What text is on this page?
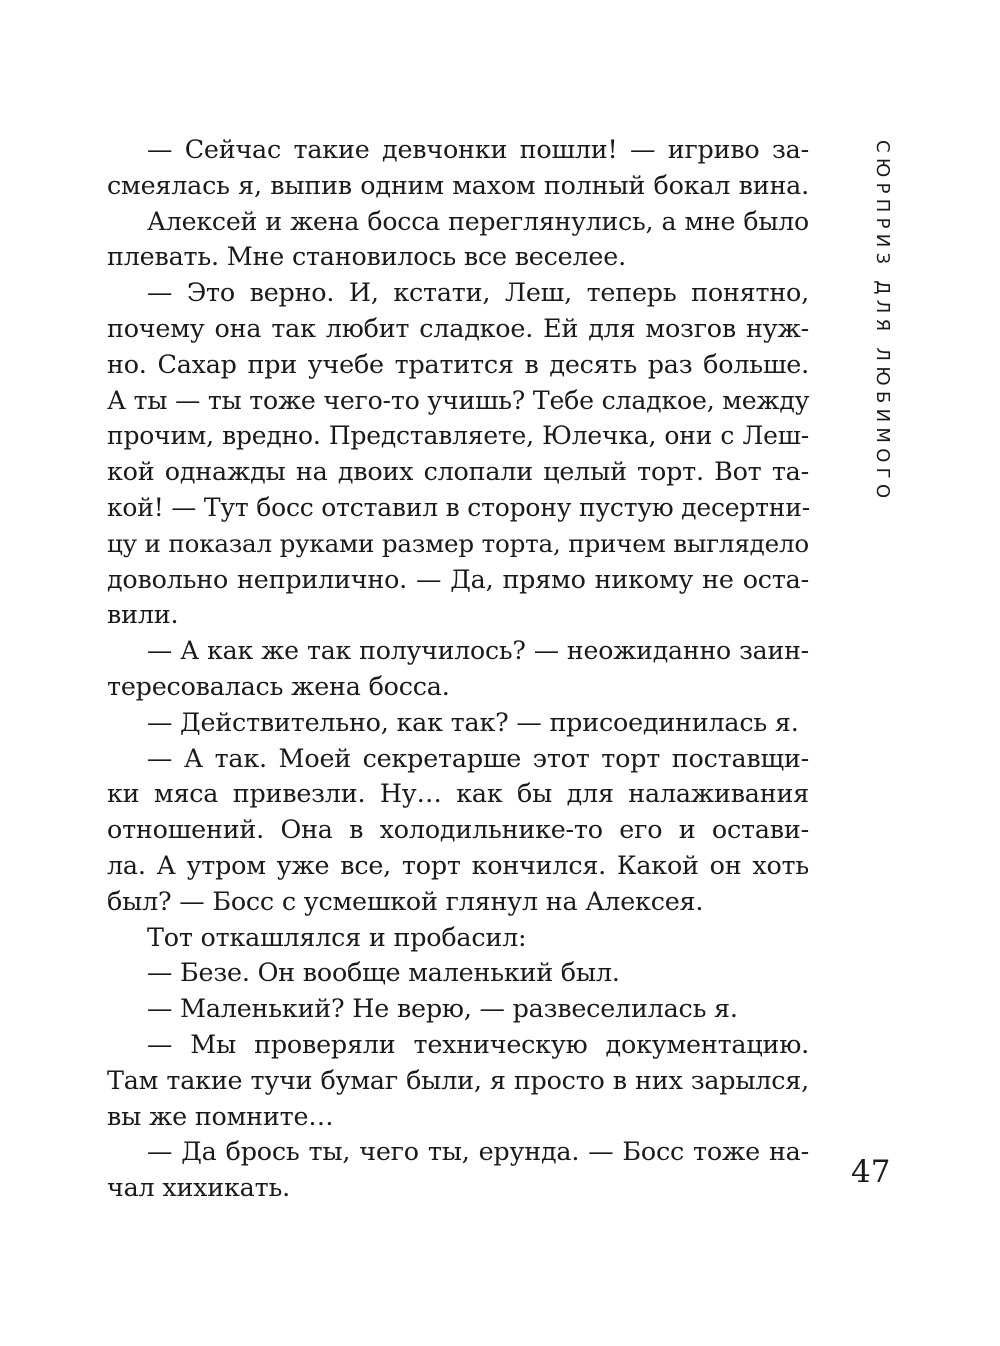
СЮРПРИЗ ДЛЯ ЛЮБИМОГО
— Сейчас такие девчонки пошли! — игриво за-
смеялась я, выпив одним махом полный бокал вина.
Алексей и жена босса переглянулись, а мне было
плевать. Мне становилось все веселее.
— Это верно. И, кстати, Леш, теперь понятно,
почему она так любит сладкое. Ей для мозгов нуж-
но. Сахар при учебе тратится в десять раз больше.
А ты — ты тоже чего-то учишь? Тебе сладкое, между
прочим, вредно. Представляете, Юлечка, они с Леш-
кой однажды на двоих слопали целый торт. Вот та-
кой! — Тут босс отставил в сторону пустую десертни-
цу и показал руками размер торта, причем выглядело
довольно неприлично. — Да, прямо никому не оста-
вили.
— А как же так получилось? — неожиданно заин-
тересовалась жена босса.
— Действительно, как так? — присоединилась я.
— А так. Моей секретарше этот торт поставщи-
ки мяса привезли. Ну… как бы для налаживания
отношений. Она в холодильнике-то его и остави-
ла. А утром уже все, торт кончился. Какой он хоть
был? — Босс с усмешкой глянул на Алексея.
Тот откашлялся и пробасил:
— Безе. Он вообще маленький был.
— Маленький? Не верю, — развеселилась я.
— Мы проверяли техническую документацию.
Там такие тучи бумаг были, я просто в них зарылся,
вы же помните…
— Да брось ты, чего ты, ерунда. — Босс тоже на-
чал хихикать.	47
